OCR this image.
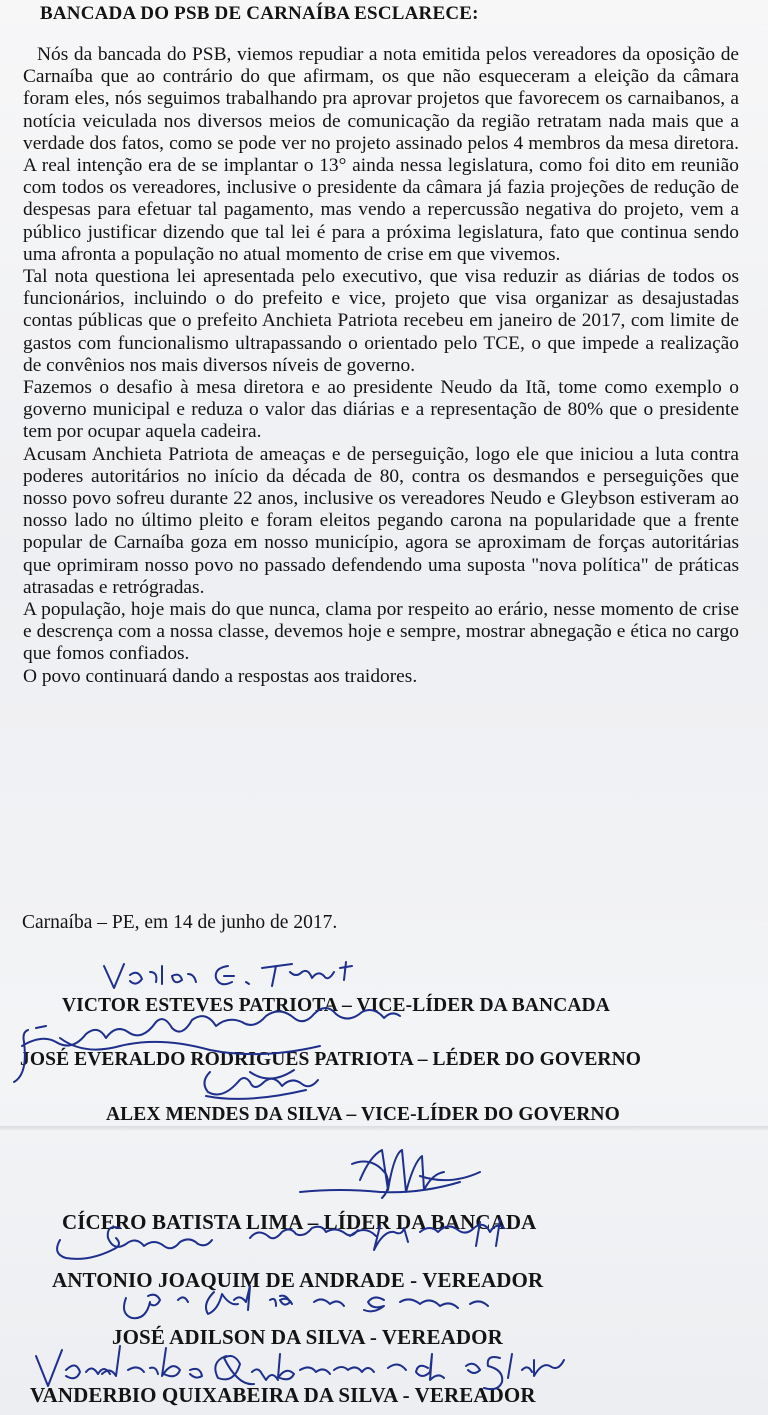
BANCADA DO PSB DE CARNAÍBA ESCLARECE:

Nós da bancada do PSB, viemos repudiar a nota emitida pelos vereadores da oposição de Carnaíba que ao contrário do que afirmam, os que não esqueceram a eleição da câmara foram eles, nós seguimos trabalhando pra aprovar projetos que favorecem os carnaibanos, a notícia veiculada nos diversos meios de comunicação da região retratam nada mais que a verdade dos fatos, como se pode ver no projeto assinado pelos 4 membros da mesa diretora. A real intenção era de se implantar o 13° ainda nessa legislatura, como foi dito em reunião com todos os vereadores, inclusive o presidente da câmara já fazia projeções de redução de despesas para efetuar tal pagamento, mas vendo a repercussão negativa do projeto, vem a público justificar dizendo que tal lei é para a próxima legislatura, fato que continua sendo uma afronta a população no atual momento de crise em que vivemos.

Tal nota questiona lei apresentada pelo executivo, que visa reduzir as diárias de todos os funcionários, incluindo o do prefeito e vice, projeto que visa organizar as desajustadas contas públicas que o prefeito Anchieta Patriota recebeu em janeiro de 2017, com limite de gastos com funcionalismo ultrapassando o orientado pelo TCE, o que impede a realização de convênios nos mais diversos níveis de governo.

Fazemos o desafio à mesa diretora e ao presidente Neudo da Itã, tome como exemplo o governo municipal e reduza o valor das diárias e a representação de 80% que o presidente tem por ocupar aquela cadeira.

Acusam Anchieta Patriota de ameaças e de perseguição, logo ele que iniciou a luta contra poderes autoritários no início da década de 80, contra os desmandos e perseguições que nosso povo sofreu durante 22 anos, inclusive os vereadores Neudo e Gleybson estiveram ao nosso lado no último pleito e foram eleitos pegando carona na popularidade que a frente popular de Carnaíba goza em nosso município, agora se aproximam de forças autoritárias que oprimiram nosso povo no passado defendendo uma suposta "nova política" de práticas atrasadas e retrógradas.

A população, hoje mais do que nunca, clama por respeito ao erário, nesse momento de crise e descrença com a nossa classe, devemos hoje e sempre, mostrar abnegação e ética no cargo que fomos confiados.

O povo continuará dando a respostas aos traidores.

Carnaíba – PE, em 14 de junho de 2017.
VICTOR ESTEVES PATRIOTA – VICE-LÍDER DA BANCADA
JOSÉ EVERALDO RODRIGUES PATRIOTA – LÉDER DO GOVERNO
ALEX MENDES DA SILVA – VICE-LÍDER DO GOVERNO
CÍCERO BATISTA LIMA – LÍDER DA BANCADA
ANTONIO JOAQUIM DE ANDRADE - VEREADOR
JOSÉ ADILSON DA SILVA - VEREADOR
VANDERBIO QUIXABEIRA DA SILVA - VEREADOR
